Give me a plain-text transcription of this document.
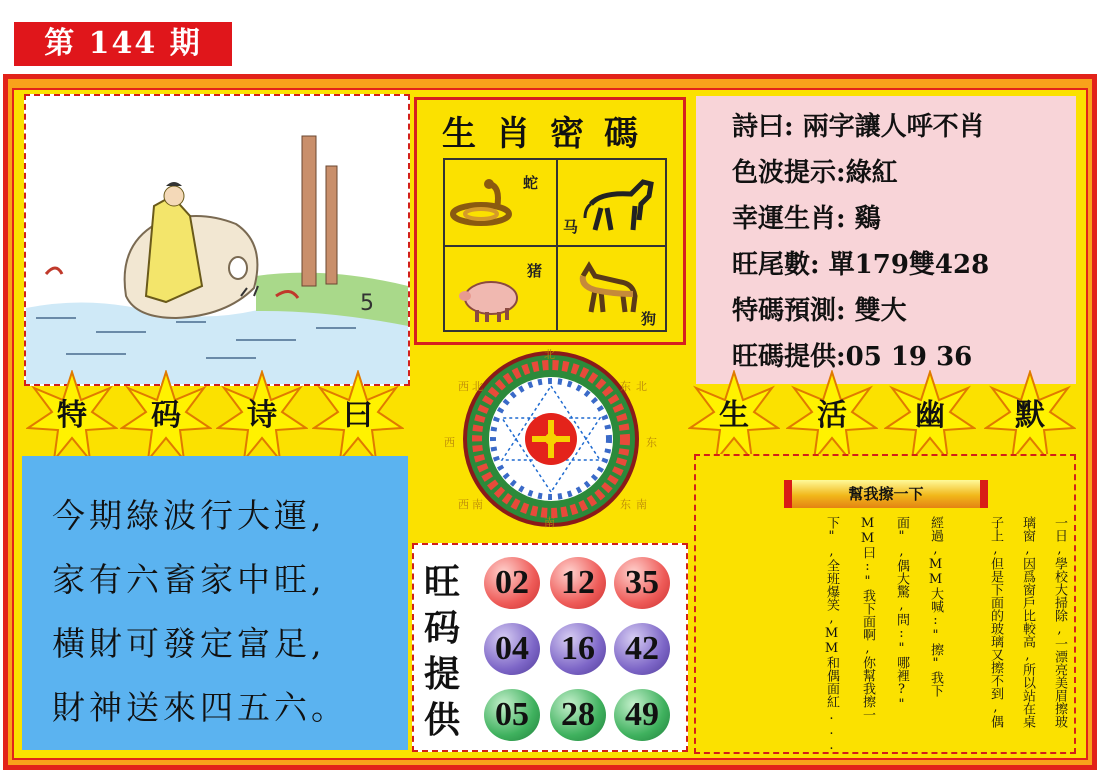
第 144 期
5
生肖密碼
蛇
马
猪
狗
詩曰: 兩字讓人呼不肖
色波提示:綠紅
幸運生肖: 鷄
旺尾數: 單179雙428
特碼預測: 雙大
旺碼提供:05 19 36
特	码	诗	曰	生	活	幽	默
北
西 北	东 北
西	东
西 南	东 南
南
今期綠波行大運,
家有六畜家中旺,
橫財可發定富足,
財神送來四五六。
旺
码
提
供
02 12 35
04 16 42
05 28 49
幫我擦一下
一日,學校大掃除,一漂亮美眉擦玻
璃窗,因爲窗戶比較高,所以站在桌
子上,但是下面的玻璃又擦不到,偶
經過,MM大喊:"擦"我下
面",偶大驚,問:"哪裡?"
MM曰:"我下面啊,你幫我擦一
下",全班爆笑,MM和偶面紅...
